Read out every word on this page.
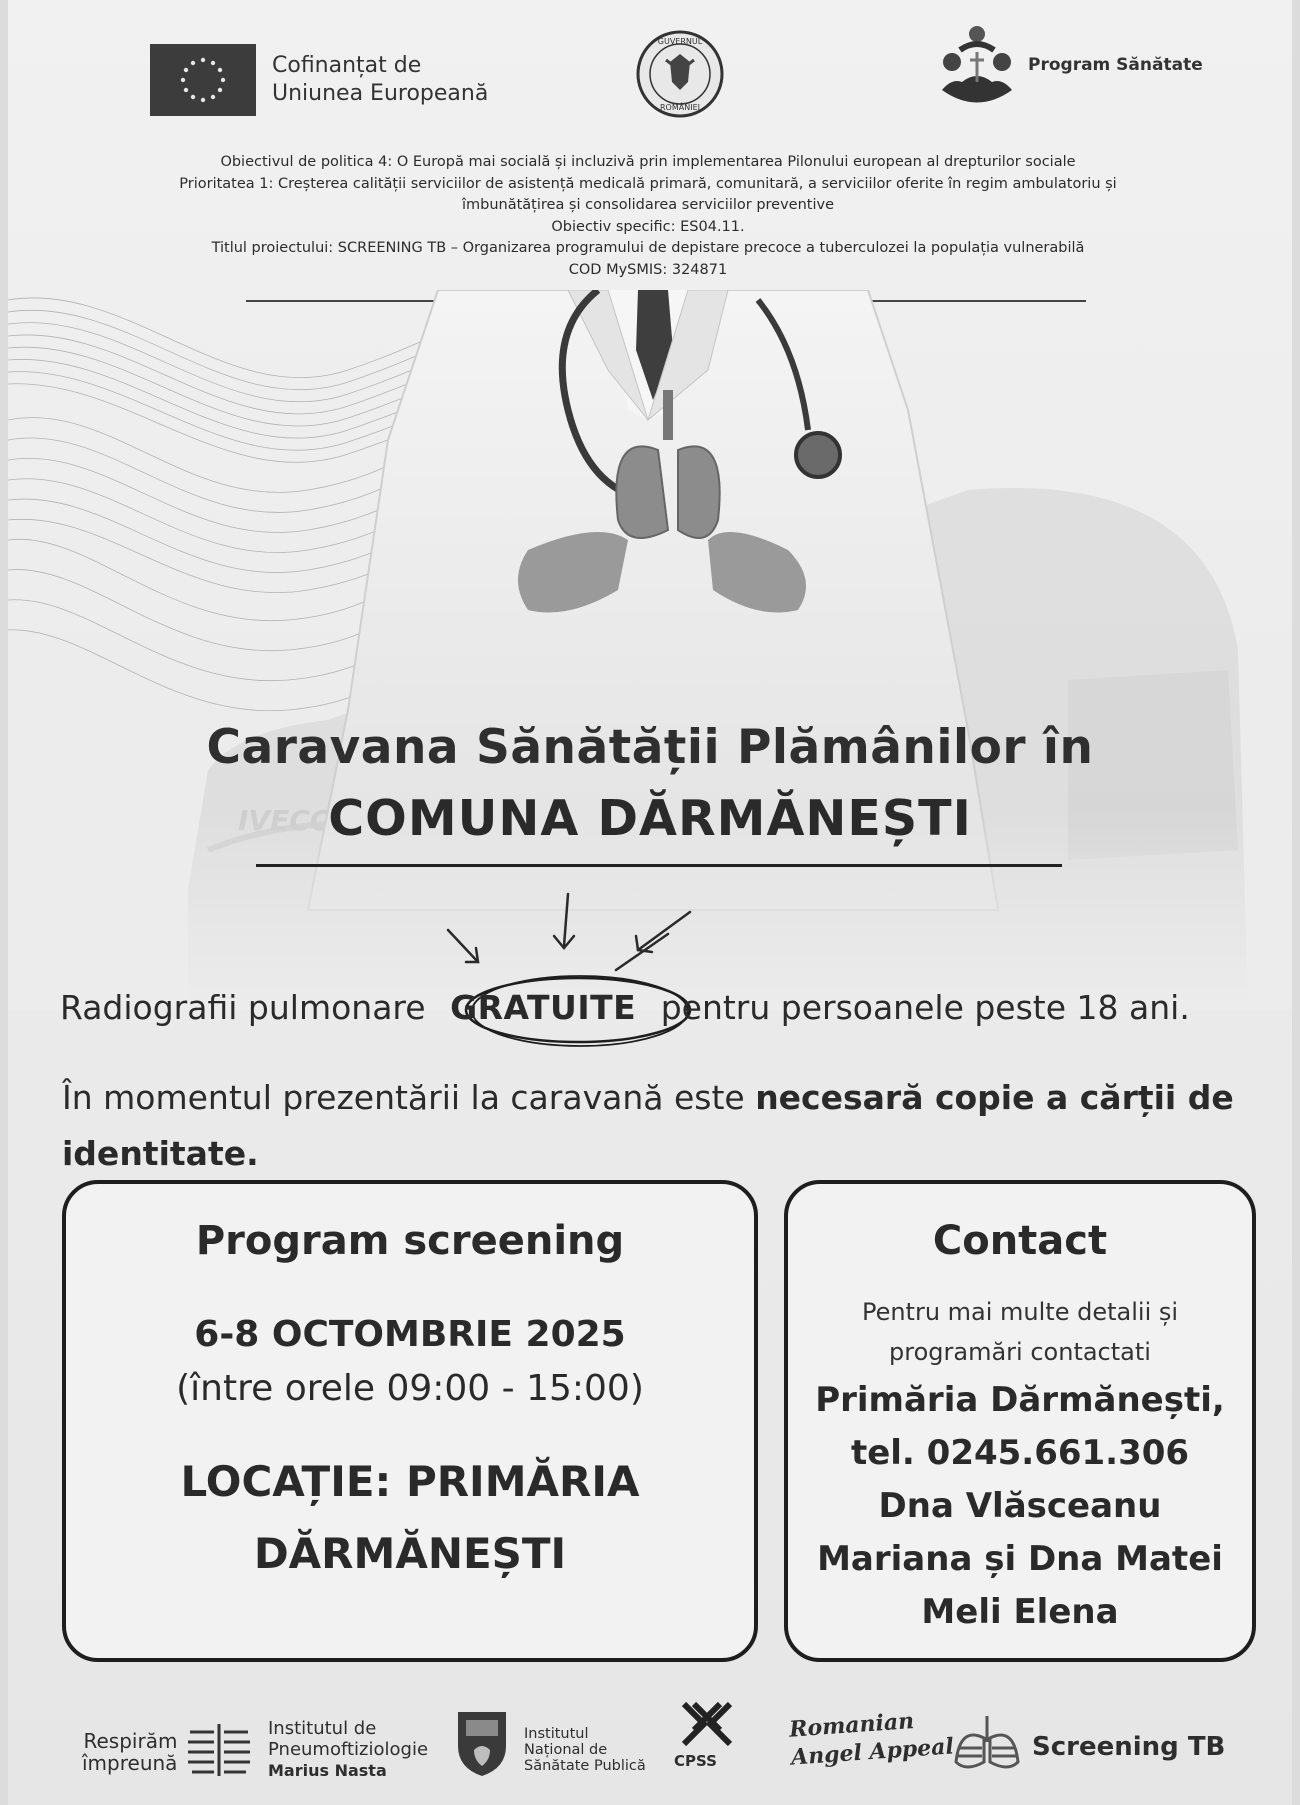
Cofinanțat de
Uniunea Europeană
GUVERNUL
ROMÂNIEI
Program Sănătate
Obiectivul de politica 4: O Europă mai socială și incluzivă prin implementarea Pilonului european al drepturilor sociale
Prioritatea 1: Creșterea calității serviciilor de asistență medicală primară, comunitară, a serviciilor oferite în regim ambulatoriu și
îmbunătățirea și consolidarea serviciilor preventive
Obiectiv specific: ES04.11.
Titlul proiectului: SCREENING TB – Organizarea programului de depistare precoce a tuberculozei la populația vulnerabilă
COD MySMIS: 324871
Caravana Sănătății Plămânilor în
COMUNA DĂRMĂNEȘTI
Radiografii pulmonare GRATUITE pentru persoanele peste 18 ani.
În momentul prezentării la caravană este necesară copie a cărții de identitate.
Program screening
6-8 OCTOMBRIE 2025
(între orele 09:00 - 15:00)
LOCAȚIE: PRIMĂRIA
DĂRMĂNEȘTI
Contact
Pentru mai multe detalii și
programări contactati
Primăria Dărmănești,
tel. 0245.661.306
Dna Vlăsceanu
Mariana și Dna Matei
Meli Elena
Respirăm
împreună
Institutul de
Pneumoftiziologie
Marius Nasta
Institutul
Național de
Sănătate Publică CPSS
Romanian
Angel Appeal	Screening TB
